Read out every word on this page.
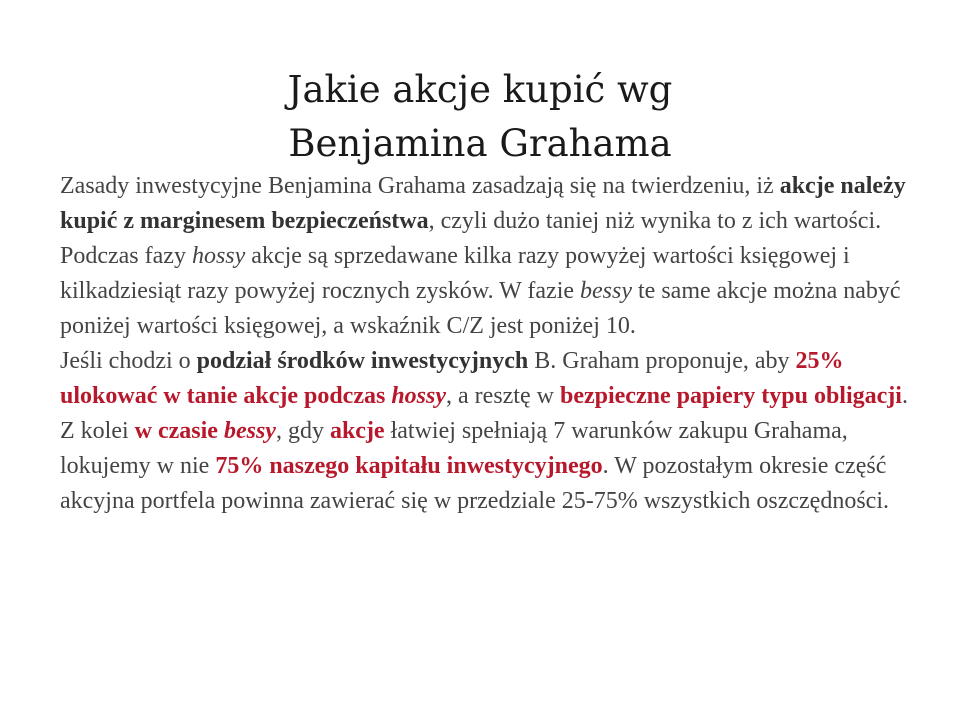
Jakie akcje kupić wg
Benjamina Grahama

Zasady inwestycyjne Benjamina Grahama zasadzają się na twierdzeniu, iż akcje należy kupić z marginesem bezpieczeństwa, czyli dużo taniej niż wynika to z ich wartości.

Podczas fazy hossy akcje są sprzedawane kilka razy powyżej wartości księgowej i kilkadziesiąt razy powyżej rocznych zysków. W fazie bessy te same akcje można nabyć poniżej wartości księgowej, a wskaźnik C/Z jest poniżej 10.

Jeśli chodzi o podział środków inwestycyjnych B. Graham proponuje, aby 25% ulokować w tanie akcje podczas hossy, a resztę w bezpieczne papiery typu obligacji. Z kolei w czasie bessy, gdy akcje łatwiej spełniają 7 warunków zakupu Grahama, lokujemy w nie 75% naszego kapitału inwestycyjnego. W pozostałym okresie część akcyjna portfela powinna zawierać się w przedziale 25-75% wszystkich oszczędności.
